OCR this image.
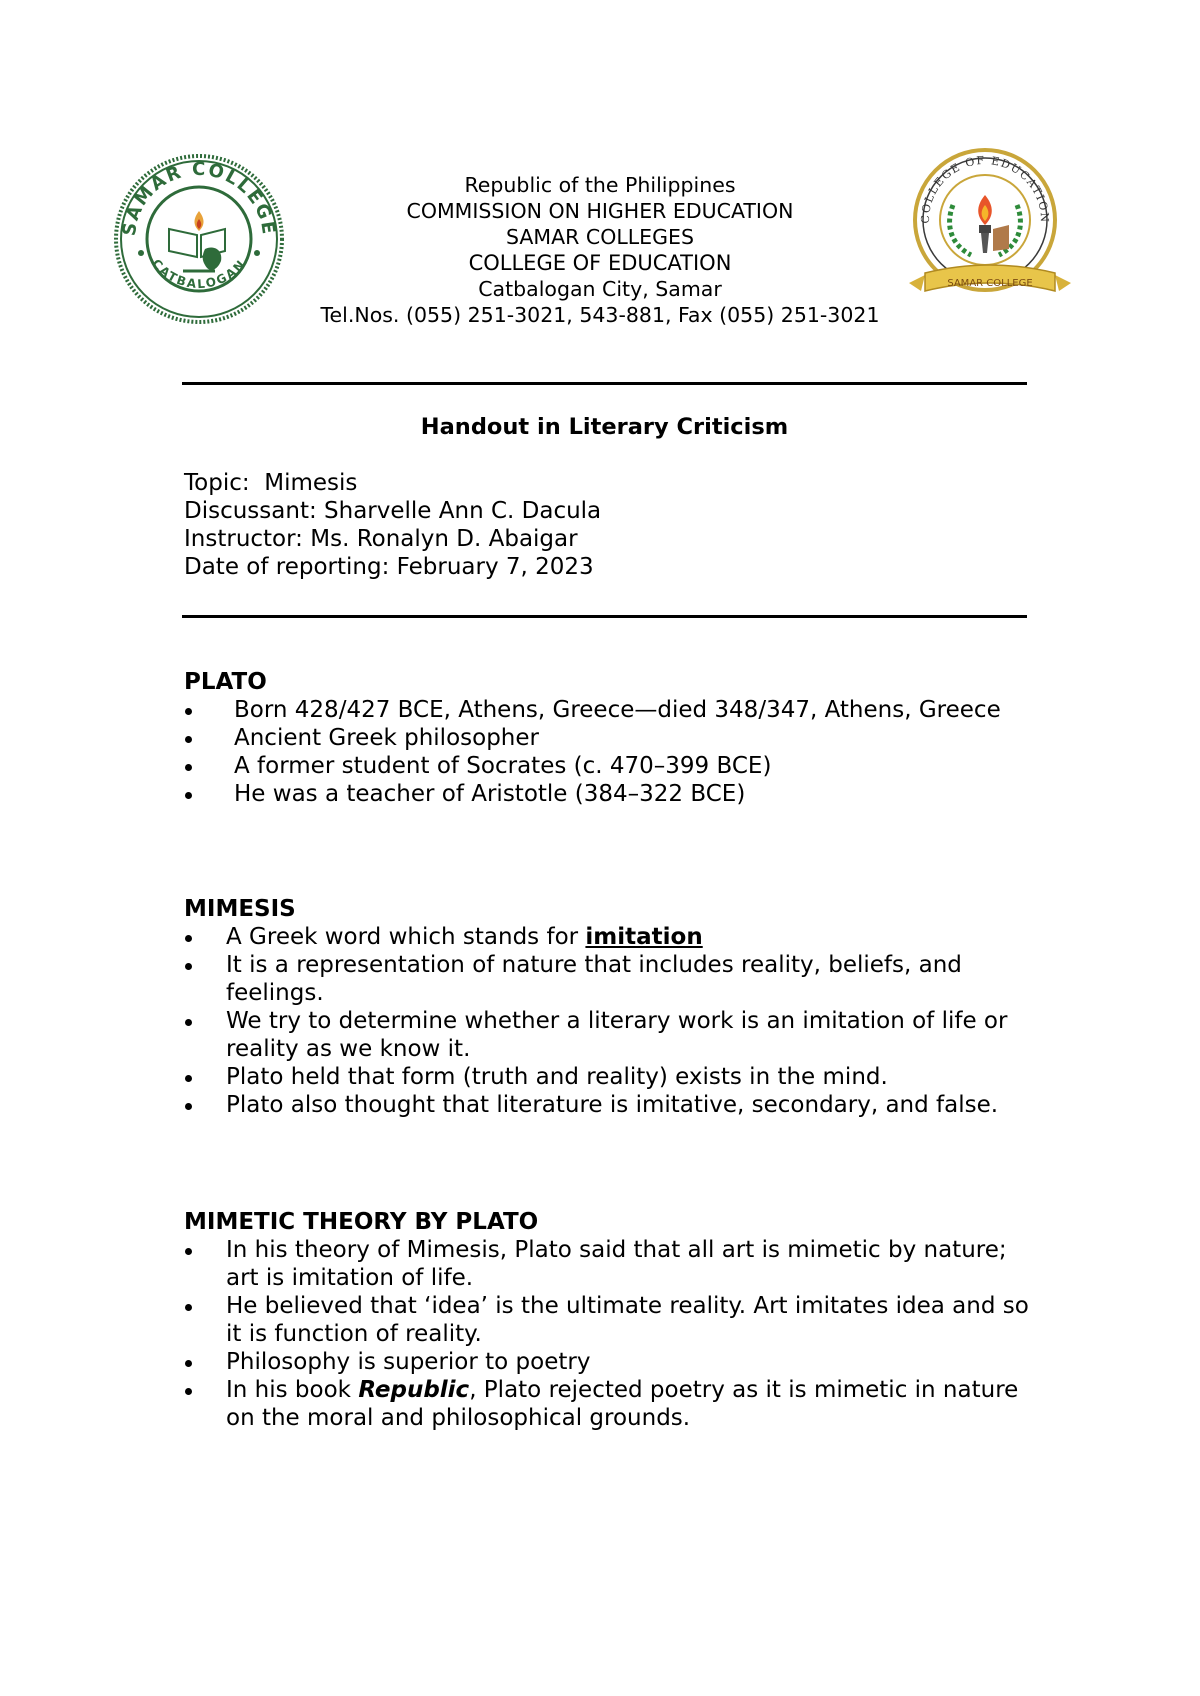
SAMAR COLLEGE
CATBALOGAN
Republic of the Philippines
COMMISSION ON HIGHER EDUCATION
SAMAR COLLEGES
COLLEGE OF EDUCATION
Catbalogan City, Samar
Tel.Nos. (055) 251-3021, 543-881, Fax (055) 251-3021
COLLEGE OF EDUCATION
SAMAR COLLEGE
Handout in Literary Criticism
Topic:  Mimesis
Discussant: Sharvelle Ann C. Dacula
Instructor: Ms. Ronalyn D. Abaigar
Date of reporting: February 7, 2023
PLATO
Born 428/427 BCE, Athens, Greece—died 348/347, Athens, Greece
Ancient Greek philosopher
A former student of Socrates (c. 470–399 BCE)
He was a teacher of Aristotle (384–322 BCE)
MIMESIS
A Greek word which stands for imitation
It is a representation of nature that includes reality, beliefs, and feelings.
We try to determine whether a literary work is an imitation of life or reality as we know it.
Plato held that form (truth and reality) exists in the mind.
Plato also thought that literature is imitative, secondary, and false.
MIMETIC THEORY BY PLATO
In his theory of Mimesis, Plato said that all art is mimetic by nature; art is imitation of life.
He believed that ‘idea’ is the ultimate reality. Art imitates idea and so it is function of reality.
Philosophy is superior to poetry
In his book Republic, Plato rejected poetry as it is mimetic in nature on the moral and philosophical grounds.
